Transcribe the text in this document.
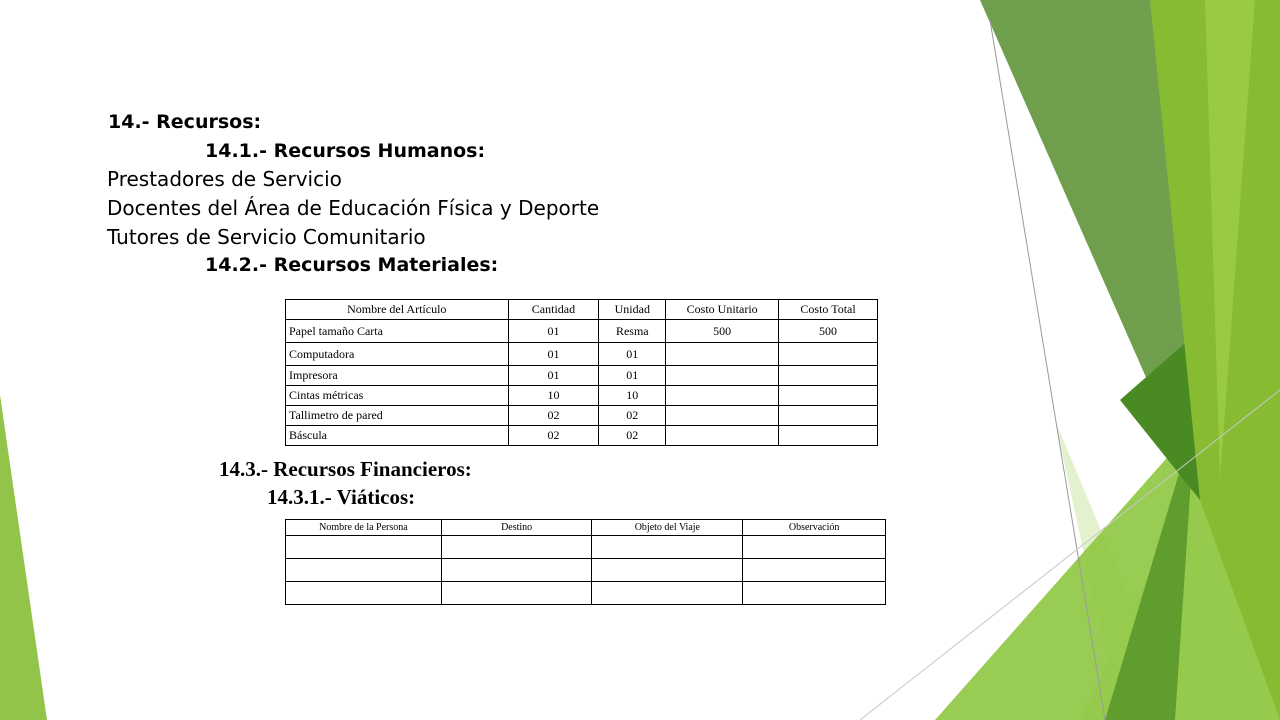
14.- Recursos:
14.1.- Recursos Humanos:
Prestadores de Servicio
Docentes del Área de Educación Física y Deporte
Tutores de Servicio Comunitario
14.2.- Recursos Materiales:
Nombre del Artículo	Cantidad	Unidad	Costo Unitario	Costo Total
Papel tamaño Carta	01	Resma	500	500
Computadora	01	01		
Impresora	01	01		
Cintas métricas	10	10		
Tallimetro de pared	02	02		
Báscula	02	02		
14.3.- Recursos Financieros:
14.3.1.- Viáticos:
Nombre de la Persona	Destino	Objeto del Viaje	Observación
